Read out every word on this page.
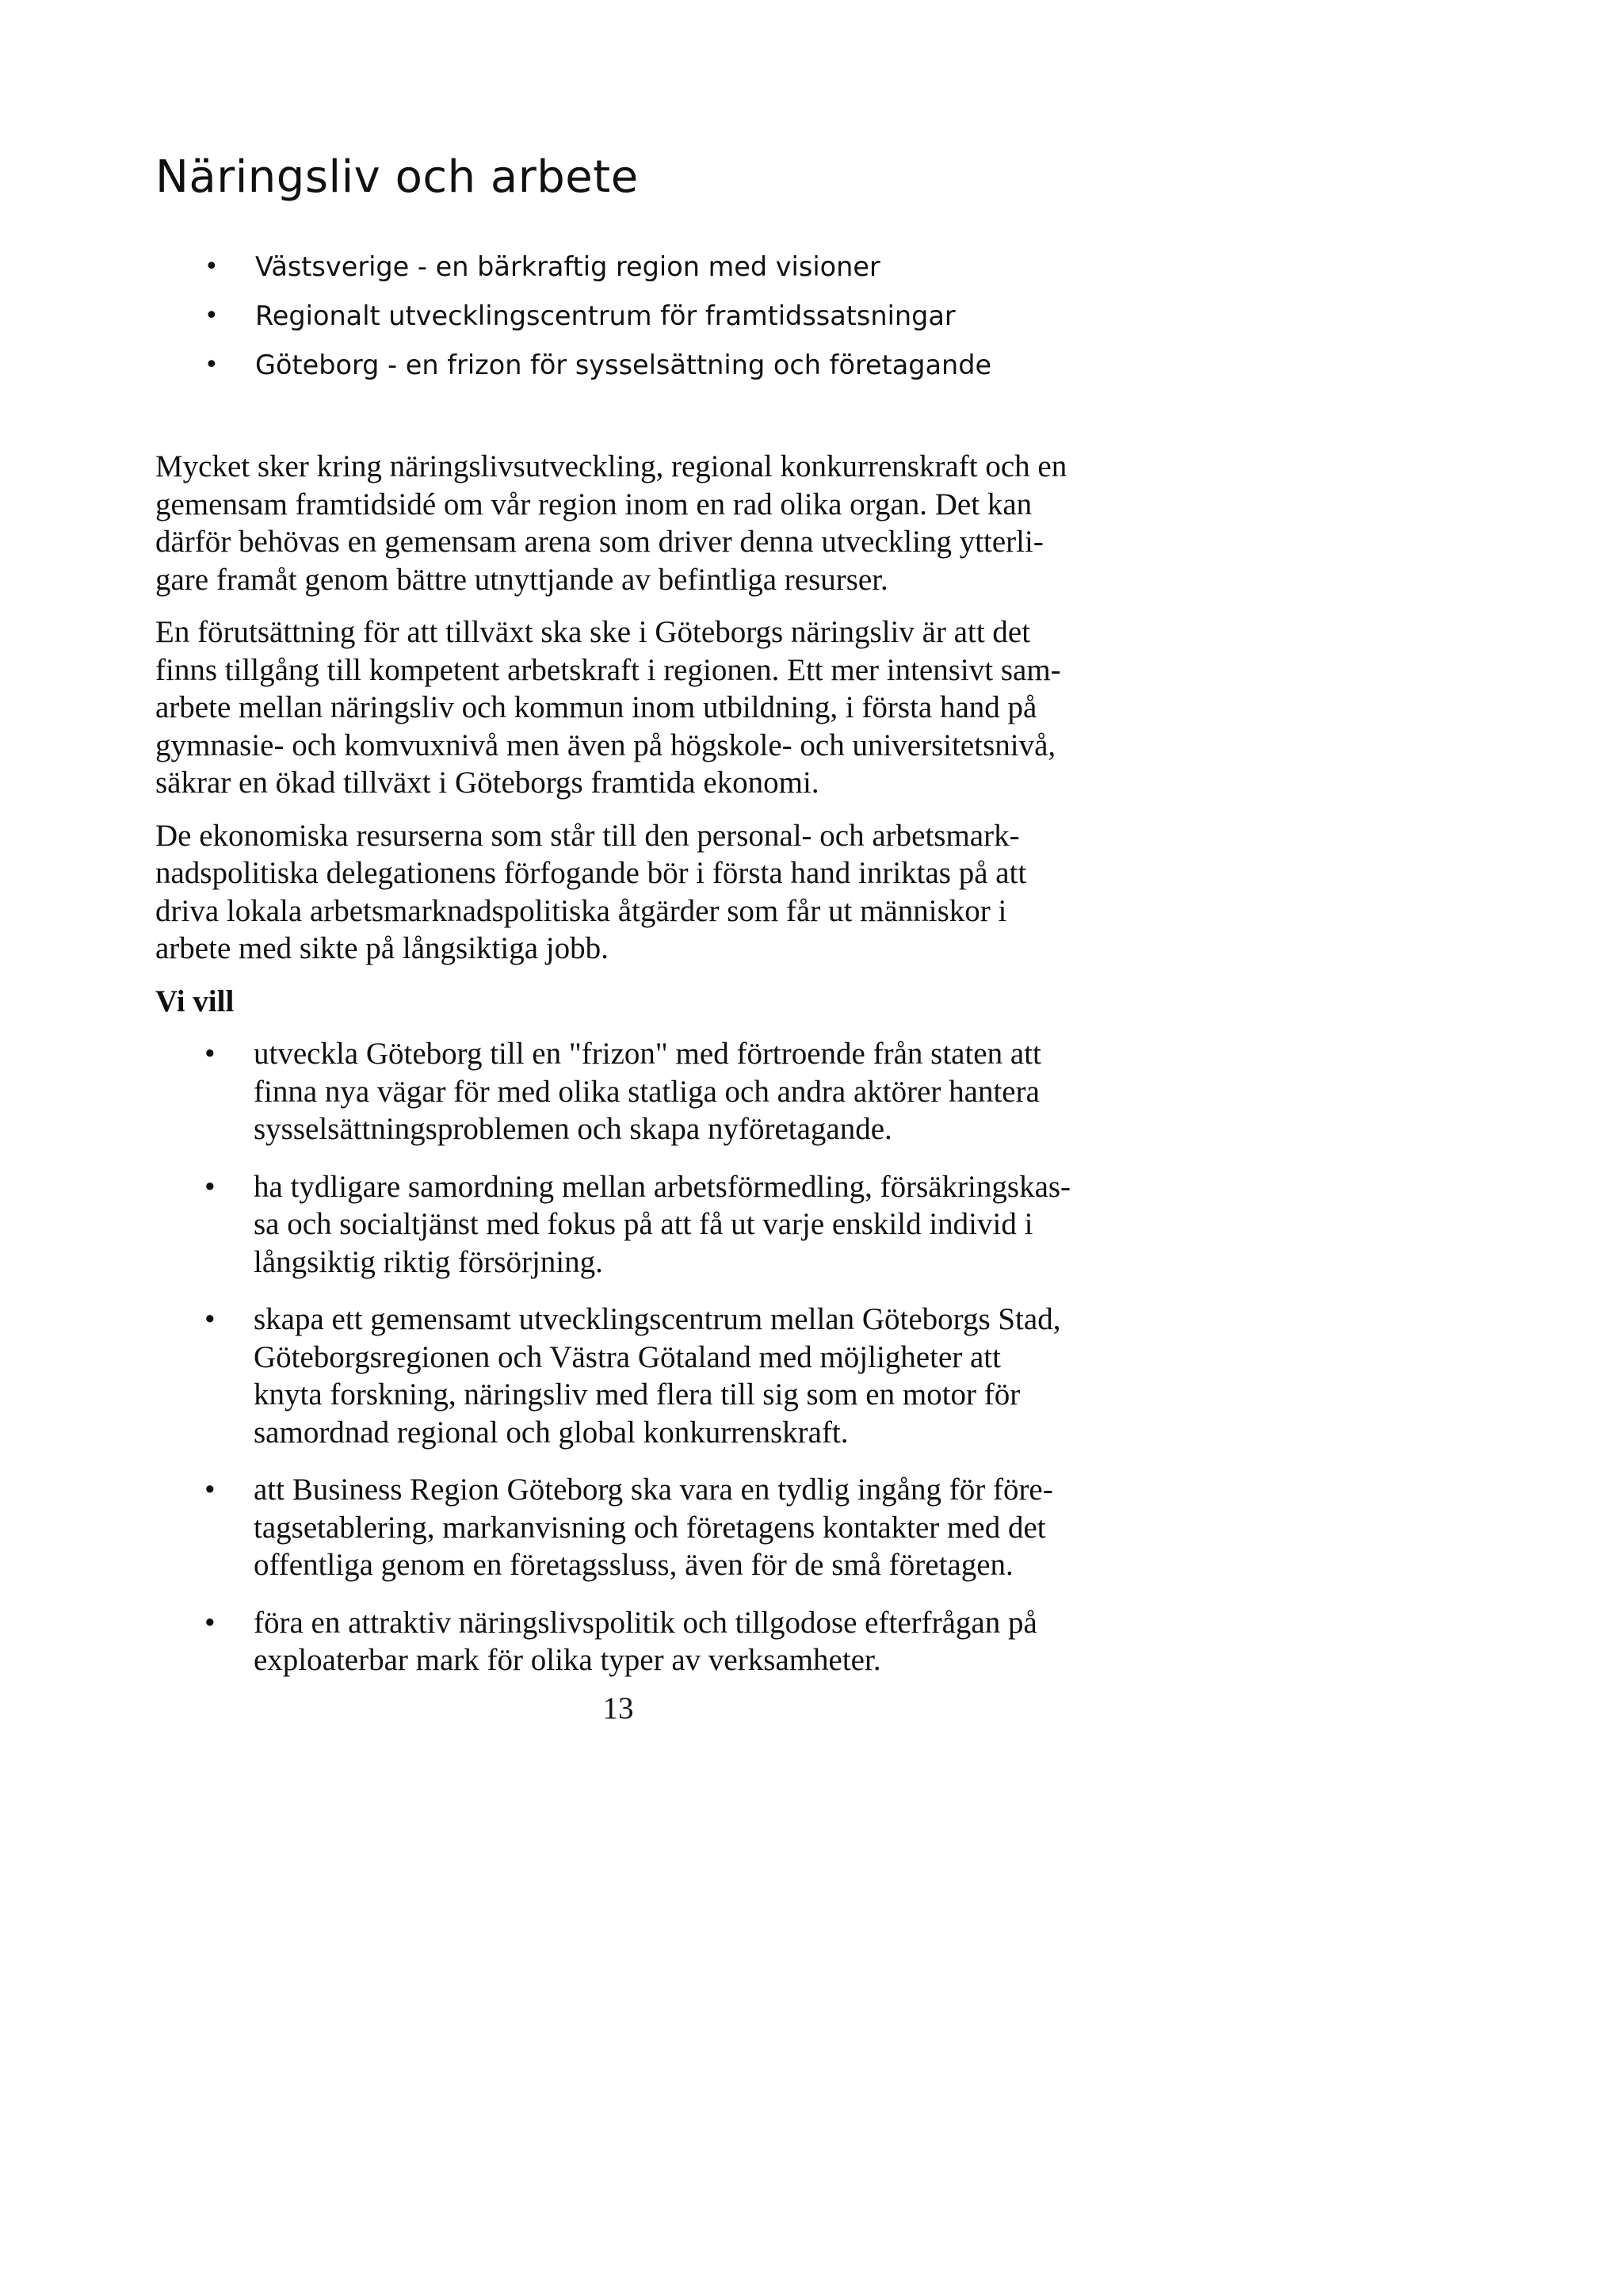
Näringsliv och arbete
• Västsverige - en bärkraftig region med visioner
• Regionalt utvecklingscentrum för framtidssatsningar
• Göteborg - en frizon för sysselsättning och företagande

Mycket sker kring näringslivsutveckling, regional konkurrenskraft och en
gemensam framtidsidé om vår region inom en rad olika organ. Det kan
därför behövas en gemensam arena som driver denna utveckling ytterli-
gare framåt genom bättre utnyttjande av befintliga resurser.

En förutsättning för att tillväxt ska ske i Göteborgs näringsliv är att det
finns tillgång till kompetent arbetskraft i regionen. Ett mer intensivt sam-
arbete mellan näringsliv och kommun inom utbildning, i första hand på
gymnasie- och komvuxnivå men även på högskole- och universitetsnivå,
säkrar en ökad tillväxt i Göteborgs framtida ekonomi.

De ekonomiska resurserna som står till den personal- och arbetsmark-
nadspolitiska delegationens förfogande bör i första hand inriktas på att
driva lokala arbetsmarknadspolitiska åtgärder som får ut människor i
arbete med sikte på långsiktiga jobb.

Vi vill

• utveckla Göteborg till en "frizon" med förtroende från staten att
finna nya vägar för med olika statliga och andra aktörer hantera
sysselsättningsproblemen och skapa nyföretagande.
• ha tydligare samordning mellan arbetsförmedling, försäkringskas-
sa och socialtjänst med fokus på att få ut varje enskild individ i
långsiktig riktig försörjning.
• skapa ett gemensamt utvecklingscentrum mellan Göteborgs Stad,
Göteborgsregionen och Västra Götaland med möjligheter att
knyta forskning, näringsliv med flera till sig som en motor för
samordnad regional och global konkurrenskraft.
• att Business Region Göteborg ska vara en tydlig ingång för före-
tagsetablering, markanvisning och företagens kontakter med det
offentliga genom en företagssluss, även för de små företagen.
• föra en attraktiv näringslivspolitik och tillgodose efterfrågan på
exploaterbar mark för olika typer av verksamheter.
13
